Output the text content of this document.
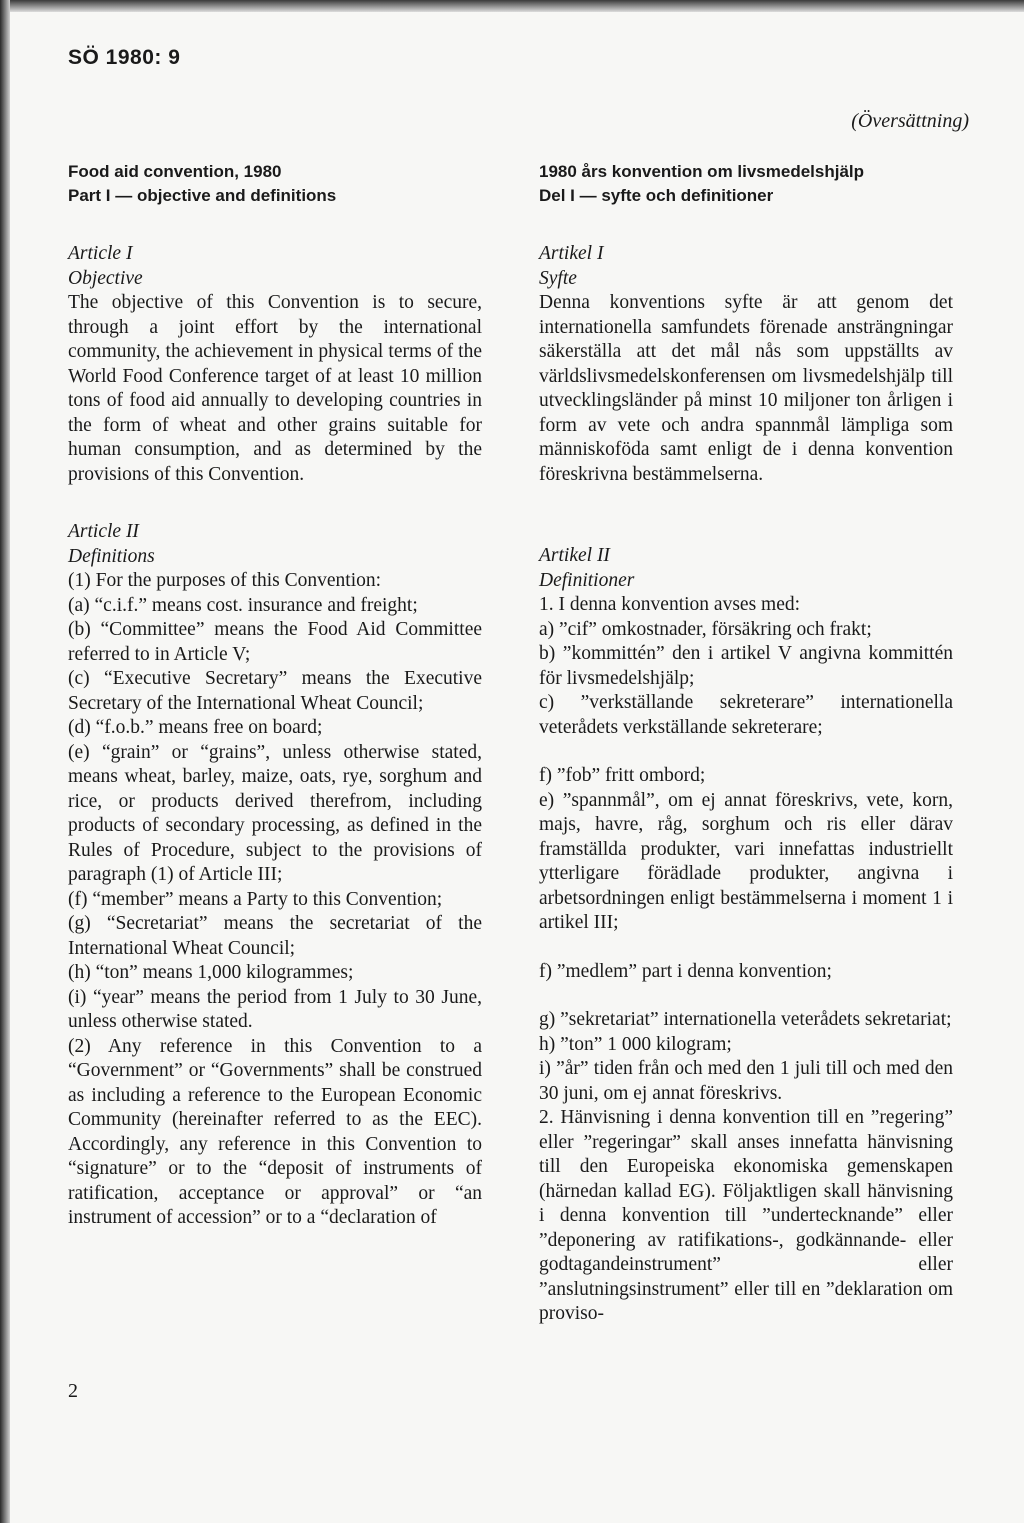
SÖ 1980: 9
(Översättning)
Food aid convention, 1980
Part I — objective and definitions
Article I
Objective

The objective of this Convention is to secure, through a joint effort by the international community, the achievement in physical terms of the World Food Conference target of at least 10 million tons of food aid annually to developing countries in the form of wheat and other grains suitable for human consumption, and as determined by the provisions of this Convention.

Article II
Definitions

(1) For the purposes of this Convention:

(a) “c.i.f.” means cost. insurance and freight;

(b) “Committee” means the Food Aid Committee referred to in Article V;

(c) “Executive Secretary” means the Executive Secretary of the International Wheat Council;

(d) “f.o.b.” means free on board;

(e) “grain” or “grains”, unless otherwise stated, means wheat, barley, maize, oats, rye, sorghum and rice, or products derived therefrom, including products of secondary processing, as defined in the Rules of Procedure, subject to the provisions of paragraph (1) of Article III;

(f) “member” means a Party to this Convention;

(g) “Secretariat” means the secretariat of the International Wheat Council;

(h) “ton” means 1,000 kilogrammes;

(i) “year” means the period from 1 July to 30 June, unless otherwise stated.

(2) Any reference in this Convention to a “Government” or “Governments” shall be construed as including a reference to the European Economic Community (hereinafter referred to as the EEC). Accordingly, any reference in this Convention to “signature” or to the “deposit of instruments of ratification, acceptance or approval” or “an instrument of accession” or to a “declaration of

1980 års konvention om livsmedelshjälp
Del I — syfte och definitioner
Artikel I
Syfte

Denna konventions syfte är att genom det internationella samfundets förenade ansträngningar säkerställa att det mål nås som uppställts av världslivsmedelskonferensen om livsmedelshjälp till utvecklingsländer på minst 10 miljoner ton årligen i form av vete och andra spannmål lämpliga som människoföda samt enligt de i denna konvention föreskrivna bestämmelserna.

Artikel II
Definitioner

1. I denna konvention avses med:

a) ”cif” omkostnader, försäkring och frakt;

b) ”kommittén” den i artikel V angivna kommittén för livsmedelshjälp;

c) ”verkställande sekreterare” internationella veterådets verkställande sekreterare;

f) ”fob” fritt ombord;

e) ”spannmål”, om ej annat föreskrivs, vete, korn, majs, havre, råg, sorghum och ris eller därav framställda produkter, vari innefattas industriellt ytterligare förädlade produkter, angivna i arbetsordningen enligt bestämmelserna i moment 1 i artikel III;

f) ”medlem” part i denna konvention;

g) ”sekretariat” internationella veterådets sekretariat;

h) ”ton” 1 000 kilogram;

i) ”år” tiden från och med den 1 juli till och med den 30 juni, om ej annat föreskrivs.

2. Hänvisning i denna konvention till en ”regering” eller ”regeringar” skall anses innefatta hänvisning till den Europeiska ekonomiska gemenskapen (härnedan kallad EG). Följaktligen skall hänvisning i denna konvention till ”undertecknande” eller ”deponering av ratifikations-, godkännande- eller godtagandeinstrument” eller ”anslutningsinstrument” eller till en ”deklaration om proviso-

2
